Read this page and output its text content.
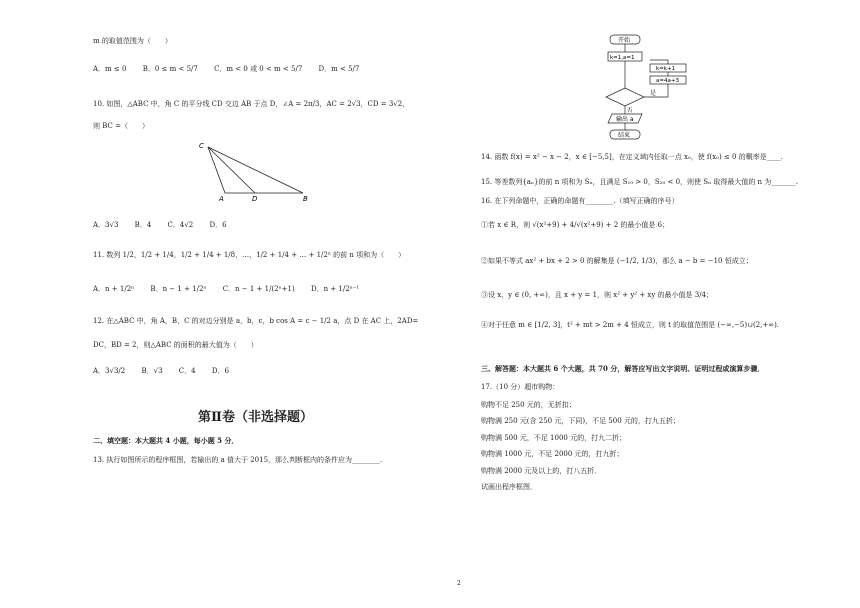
m 的取值范围为（　　）
A．m ≤ 0 B．0 ≤ m < 5/7 C．m < 0 或 0 < m < 5/7 D．m < 5/7
10. 如图，△ABC 中，角 C 的平分线 CD 交边 AB 于点 D，∠A = 2π/3，AC = 2√3，CD = 3√2，
则 BC =（　　）
C
A	D	B
A．3√3 B．4 C．4√2 D．6
11. 数列 1/2，1/2 + 1/4，1/2 + 1/4 + 1/8，…，1/2 + 1/4 + … + 1/2ⁿ 的前 n 项和为（　　）
A．n + 1/2ⁿ B．n − 1 + 1/2ⁿ C．n − 1 + 1/(2ⁿ+1) D．n + 1/2ⁿ⁻¹
12. 在△ABC 中，角 A，B，C 的对边分别是 a，b，c，b cos A = c − 1/2 a，点 D 在 AC 上，2AD=
DC，BD = 2，则△ABC 的面积的最大值为（　　）
A．3√3/2 B．√3 C．4 D．6
第Ⅱ卷（非选择题）
二、填空题：本大题共 4 小题，每小题 5 分．
13. 执行如图所示的程序框图，若输出的 a 值大于 2015，那么判断框内的条件应为________.
开始
k=1,a=1
k=k+1
a=4a+3
是
否
输出 a
结束
14. 函数 f(x) = x² − x − 2，x ∈ [−5,5]，在定义域内任取一点 x₀，使 f(x₀) ≤ 0 的概率是____.
15. 等差数列{aₙ}的前 n 项和为 Sₙ，且满足 S₁₉ > 0，S₂₀ < 0，则使 Sₙ 取得最大值的 n 为_______.
16. 在下列命题中，正确的命题有________.（填写正确的序号）
①若 x ∈ R，则 √(x²+9) + 4/√(x²+9) + 2 的最小值是 6；
②如果不等式 ax² + bx + 2 > 0 的解集是 (−1/2, 1/3)，那么 a − b = −10 恒成立；
③设 x，y ∈ (0, +∞)，且 x + y = 1，则 x² + y² + xy 的最小值是 3/4；
④对于任意 m ∈ [1/2, 3]，t² + mt > 2m + 4 恒成立，则 t 的取值范围是 (−∞,−5)∪(2,+∞).
三、解答题：本大题共 6 个大题，共 70 分，解答应写出文字说明、证明过程或演算步骤．
17.（10 分）超市购物：
购物不足 250 元的，无折扣；
购物满 250 元(含 250 元，下同)，不足 500 元的，打九五折；
购物满 500 元，不足 1000 元的，打九二折；
购物满 1000 元，不足 2000 元的，打九折；
购物满 2000 元及以上的，打八五折．
试画出程序框图．
2
